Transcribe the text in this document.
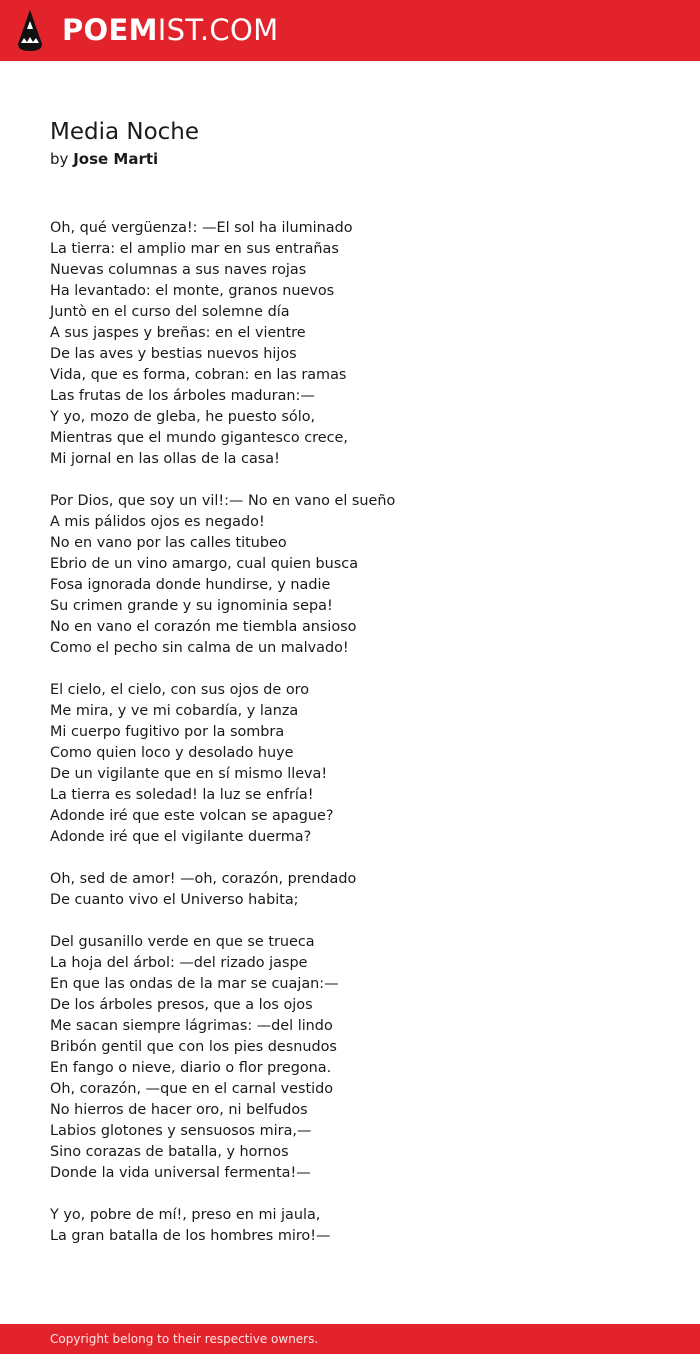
POEMIST.COM
Media Noche
by Jose Marti
Oh, qué vergüenza!: —El sol ha iluminado
La tierra: el amplio mar en sus entrañas
Nuevas columnas a sus naves rojas
Ha levantado: el monte, granos nuevos
Juntò en el curso del solemne día
A sus jaspes y breñas: en el vientre
De las aves y bestias nuevos hijos
Vida, que es forma, cobran: en las ramas
Las frutas de los árboles maduran:—
Y yo, mozo de gleba, he puesto sólo,
Mientras que el mundo gigantesco crece,
Mi jornal en las ollas de la casa!
Por Dios, que soy un vil!:— No en vano el sueño
A mis pálidos ojos es negado!
No en vano por las calles titubeo
Ebrio de un vino amargo, cual quien busca
Fosa ignorada donde hundirse, y nadie
Su crimen grande y su ignominia sepa!
No en vano el corazón me tiembla ansioso
Como el pecho sin calma de un malvado!
El cielo, el cielo, con sus ojos de oro
Me mira, y ve mi cobardía, y lanza
Mi cuerpo fugitivo por la sombra
Como quien loco y desolado huye
De un vigilante que en sí mismo lleva!
La tierra es soledad! la luz se enfría!
Adonde iré que este volcan se apague?
Adonde iré que el vigilante duerma?
Oh, sed de amor! —oh, corazón, prendado
De cuanto vivo el Universo habita;
Del gusanillo verde en que se trueca
La hoja del árbol: —del rizado jaspe
En que las ondas de la mar se cuajan:—
De los árboles presos, que a los ojos
Me sacan siempre lágrimas: —del lindo
Bribón gentil que con los pies desnudos
En fango o nieve, diario o flor pregona.
Oh, corazón, —que en el carnal vestido
No hierros de hacer oro, ni belfudos
Labios glotones y sensuosos mira,—
Sino corazas de batalla, y hornos
Donde la vida universal fermenta!—
Y yo, pobre de mí!, preso en mi jaula,
La gran batalla de los hombres miro!—
Copyright belong to their respective owners.
